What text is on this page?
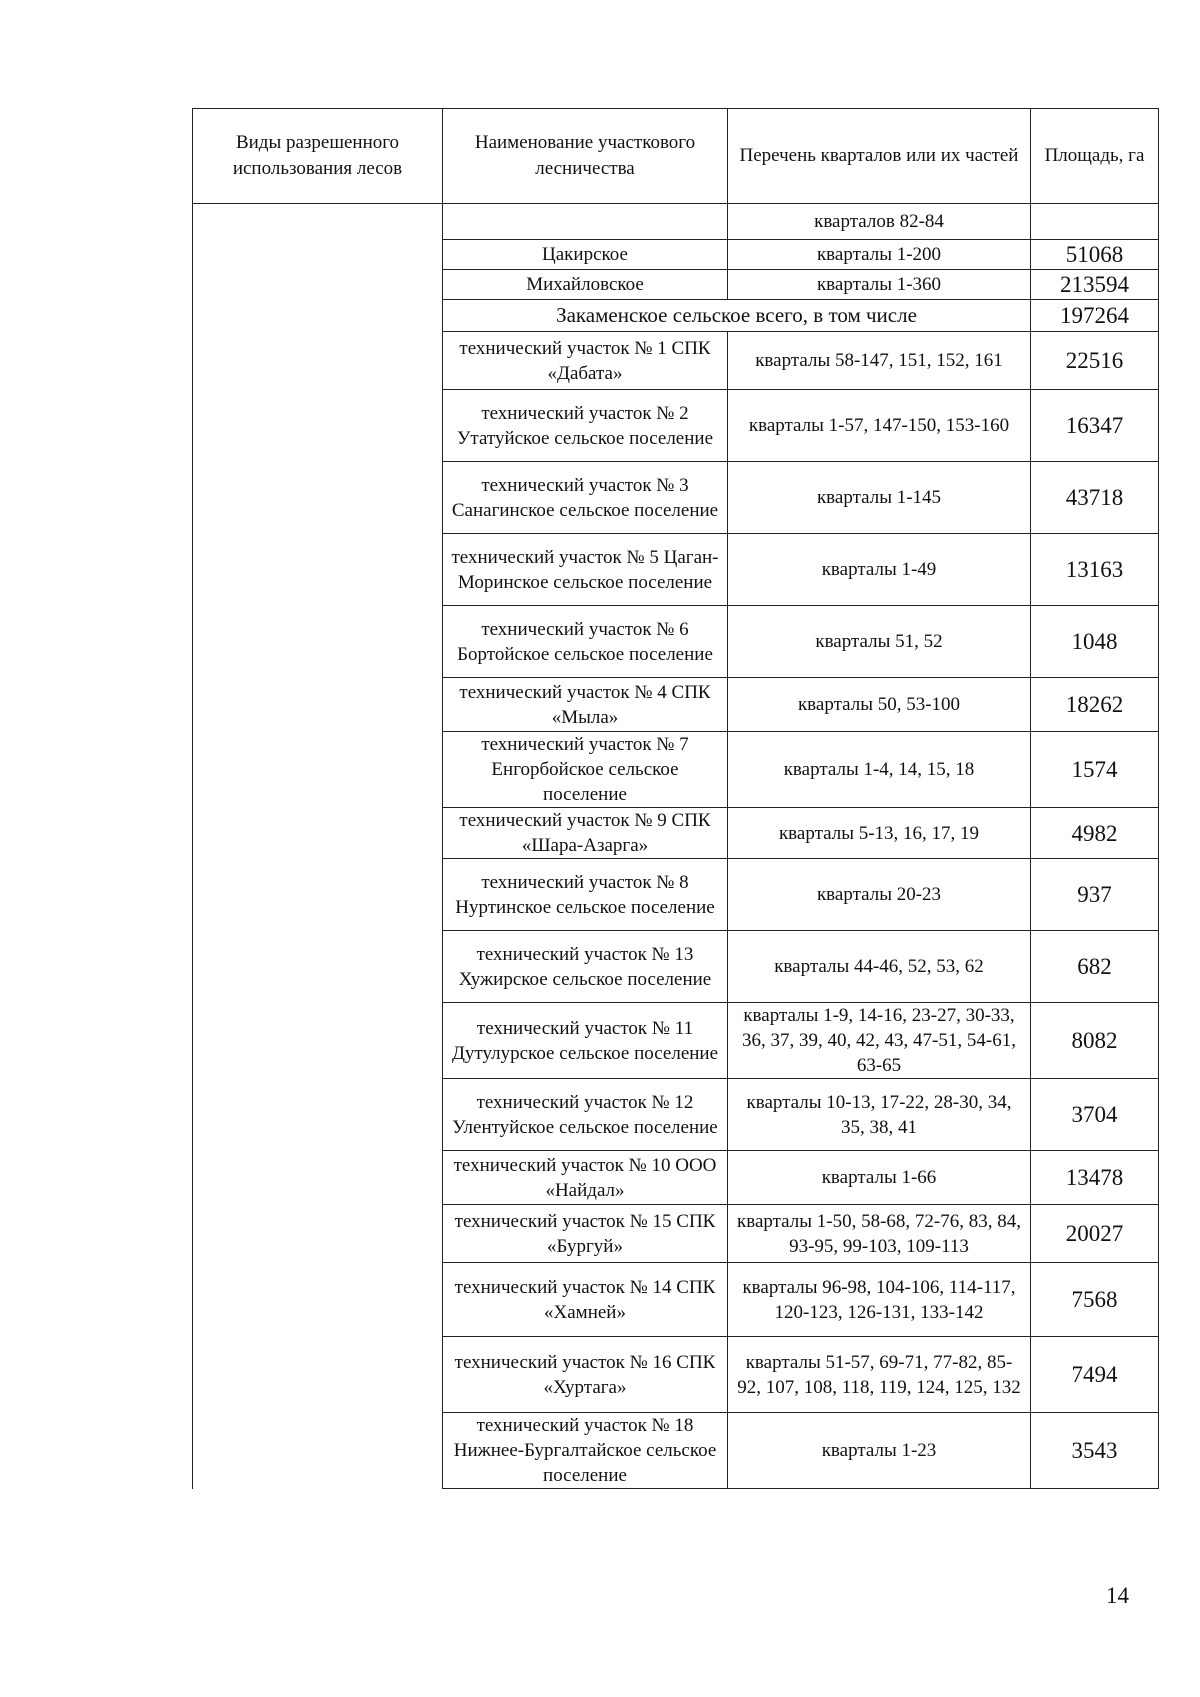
Виды разрешенного использования лесов	Наименование участкового лесничества	Перечень кварталов или их частей	Площадь, га
		кварталов 82-84	
	Цакирское	кварталы 1-200	51068
	Михайловское	кварталы 1-360	213594
	Закаменское сельское всего, в том числе		197264
	технический участок № 1 СПК «Дабата»	кварталы 58-147, 151, 152, 161	22516
	технический участок № 2 Утатуйское сельское поселение	кварталы 1-57, 147-150, 153-160	16347
	технический участок № 3 Санагинское сельское поселение	кварталы 1-145	43718
	технический участок № 5 Цаган-Моринское сельское поселение	кварталы 1-49	13163
	технический участок № 6 Бортойское сельское поселение	кварталы 51, 52	1048
	технический участок № 4 СПК «Мыла»	кварталы 50, 53-100	18262
	технический участок № 7 Енгорбойское сельское поселение	кварталы 1-4, 14, 15, 18	1574
	технический участок № 9 СПК «Шара-Азарга»	кварталы 5-13, 16, 17, 19	4982
	технический участок № 8 Нуртинское сельское поселение	кварталы 20-23	937
	технический участок № 13 Хужирское сельское поселение	кварталы 44-46, 52, 53, 62	682
	технический участок № 11 Дутулурское сельское поселение	кварталы 1-9, 14-16, 23-27, 30-33, 36, 37, 39, 40, 42, 43, 47-51, 54-61, 63-65	8082
	технический участок № 12 Улентуйское сельское поселение	кварталы 10-13, 17-22, 28-30, 34, 35, 38, 41	3704
	технический участок № 10 ООО «Найдал»	кварталы 1-66	13478
	технический участок № 15 СПК «Бургуй»	кварталы 1-50, 58-68, 72-76, 83, 84, 93-95, 99-103, 109-113	20027
	технический участок № 14 СПК «Хамней»	кварталы 96-98, 104-106, 114-117, 120-123, 126-131, 133-142	7568
	технический участок № 16 СПК «Хуртага»	кварталы 51-57, 69-71, 77-82, 85-92, 107, 108, 118, 119, 124, 125, 132	7494
	технический участок № 18 Нижнее-Бургалтайское сельское поселение	кварталы 1-23	3543
14
